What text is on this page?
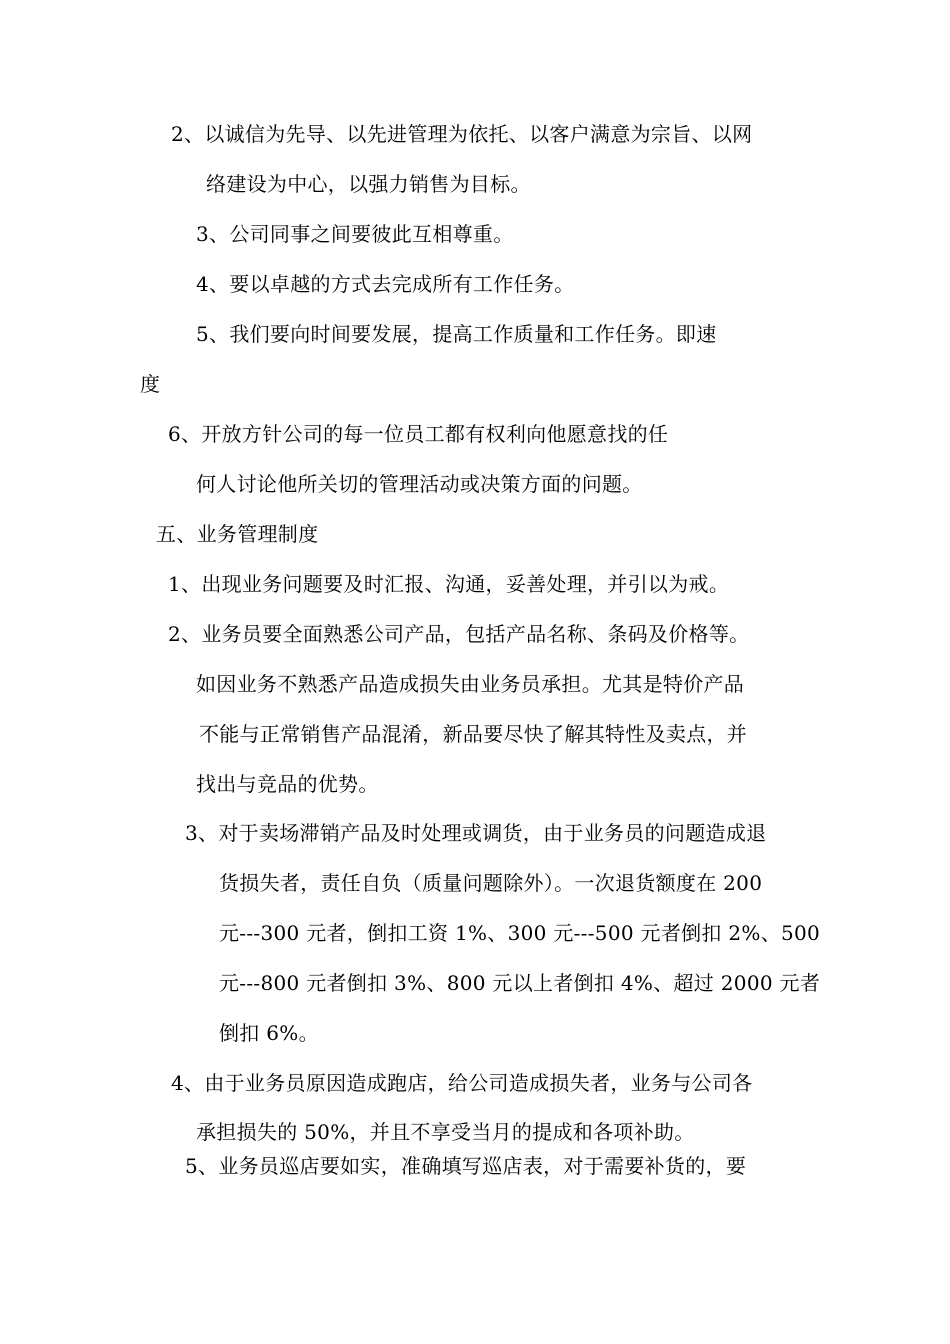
2、以诚信为先导、以先进管理为依托、以客户满意为宗旨、以网
络建设为中心，以强力销售为目标。
3、公司同事之间要彼此互相尊重。
4、要以卓越的方式去完成所有工作任务。
5、我们要向时间要发展，提高工作质量和工作任务。即速
度
6、开放方针公司的每一位员工都有权利向他愿意找的任
何人讨论他所关切的管理活动或决策方面的问题。
五、业务管理制度
1、出现业务问题要及时汇报、沟通，妥善处理，并引以为戒。
2、业务员要全面熟悉公司产品，包括产品名称、条码及价格等。
如因业务不熟悉产品造成损失由业务员承担。尤其是特价产品
不能与正常销售产品混淆，新品要尽快了解其特性及卖点，并
找出与竞品的优势。
3、对于卖场滞销产品及时处理或调货，由于业务员的问题造成退
货损失者，责任自负（质量问题除外）。一次退货额度在 200
元---300 元者，倒扣工资 1%、300 元---500 元者倒扣 2%、500
元---800 元者倒扣 3%、800 元以上者倒扣 4%、超过 2000 元者
倒扣 6%。
4、由于业务员原因造成跑店，给公司造成损失者，业务与公司各
承担损失的 50%，并且不享受当月的提成和各项补助。
5、业务员巡店要如实，准确填写巡店表，对于需要补货的，要
